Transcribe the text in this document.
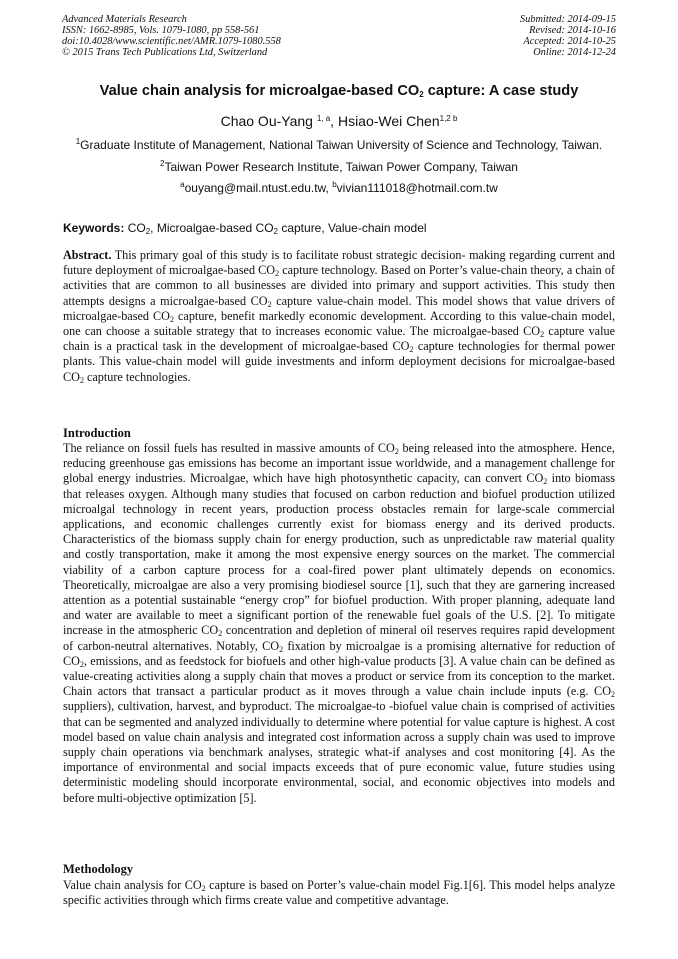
Advanced Materials Research
ISSN: 1662-8985, Vols. 1079-1080, pp 558-561
doi:10.4028/www.scientific.net/AMR.1079-1080.558
© 2015 Trans Tech Publications Ltd, Switzerland
Submitted: 2014-09-15
Revised: 2014-10-16
Accepted: 2014-10-25
Online: 2014-12-24
Value chain analysis for microalgae-based $CO_2$ capture: A case study
Chao Ou-Yang $^{1, a}$, Hsiao-Wei Chen$^{1,2 b}$
$^1$Graduate Institute of Management, National Taiwan University of Science and Technology, Taiwan.
$^2$Taiwan Power Research Institute, Taiwan Power Company, Taiwan
$^a$ouyang@mail.ntust.edu.tw, $^b$vivian111018@hotmail.com.tw
Keywords: $CO_2$, Microalgae-based $CO_2$ capture, Value-chain model
Abstract. This primary goal of this study is to facilitate robust strategic decision- making regarding current and future deployment of microalgae-based $CO_2$ capture technology. Based on Porter’s value-chain theory, a chain of activities that are common to all businesses are divided into primary and support activities. This study then attempts designs a microalgae-based $CO_2$ capture value-chain model. This model shows that value drivers of microalgae-based $CO_2$ capture, benefit markedly economic development. According to this value-chain model, one can choose a suitable strategy that to increases economic value. The microalgae-based $CO_2$ capture value chain is a practical task in the development of microalgae-based $CO_2$ capture technologies for thermal power plants. This value-chain model will guide investments and inform deployment decisions for microalgae-based $CO_2$ capture technologies.
Introduction
The reliance on fossil fuels has resulted in massive amounts of $CO_2$ being released into the atmosphere. Hence, reducing greenhouse gas emissions has become an important issue worldwide, and a management challenge for global energy industries. Microalgae, which have high photosynthetic capacity, can convert $CO_2$ into biomass that releases oxygen. Although many studies that focused on carbon reduction and biofuel production utilized microalgal technology in recent years, production process obstacles remain for large-scale commercial applications, and economic challenges currently exist for biomass energy and its derived products. Characteristics of the biomass supply chain for energy production, such as unpredictable raw material quality and costly transportation, make it among the most expensive energy sources on the market. The commercial viability of a carbon capture process for a coal-fired power plant ultimately depends on economics. Theoretically, microalgae are also a very promising biodiesel source [1], such that they are garnering increased attention as a potential sustainable “energy crop” for biofuel production. With proper planning, adequate land and water are available to meet a significant portion of the renewable fuel goals of the U.S. [2]. To mitigate increase in the atmospheric $CO_2$ concentration and depletion of mineral oil reserves requires rapid development of carbon-neutral alternatives. Notably, $CO_2$ fixation by microalgae is a promising alternative for reduction of $CO_2$, emissions, and as feedstock for biofuels and other high-value products [3]. A value chain can be defined as value-creating activities along a supply chain that moves a product or service from its conception to the market. Chain actors that transact a particular product as it moves through a value chain include inputs (e.g. $CO_2$ suppliers), cultivation, harvest, and byproduct. The microalgae-to -biofuel value chain is comprised of activities that can be segmented and analyzed individually to determine where potential for value capture is highest. A cost model based on value chain analysis and integrated cost information across a supply chain was used to improve supply chain operations via benchmark analyses, strategic what-if analyses and cost monitoring [4]. As the importance of environmental and social impacts exceeds that of pure economic value, future studies using deterministic modeling should incorporate environmental, social, and economic objectives into models and before multi-objective optimization [5].
Methodology
Value chain analysis for $CO_2$ capture is based on Porter’s value-chain model Fig.1[6]. This model helps analyze specific activities through which firms create value and competitive advantage.
